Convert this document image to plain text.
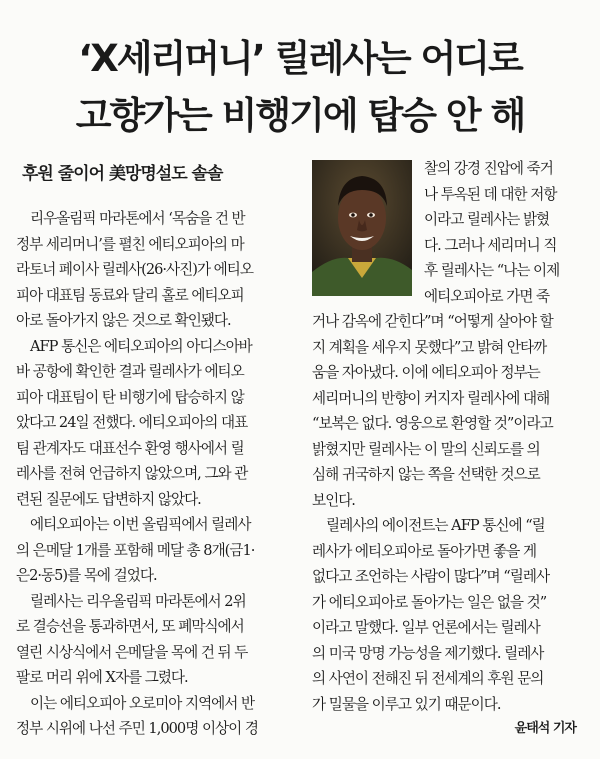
‘X세리머니’ 릴레사는 어디로
고향가는 비행기에 탑승 안 해
후원 줄이어 美망명설도 솔솔
리우올림픽 마라톤에서 ‘목숨을 건 반
정부 세리머니’를 펼친 에티오피아의 마
라토너 페이사 릴레사(26·사진)가 에티오
피아 대표팀 동료와 달리 홀로 에티오피
아로 돌아가지 않은 것으로 확인됐다.
AFP 통신은 에티오피아의 아디스아바
바 공항에 확인한 결과 릴레사가 에티오
피아 대표팀이 탄 비행기에 탑승하지 않
았다고 24일 전했다. 에티오피아의 대표
팀 관계자도 대표선수 환영 행사에서 릴
레사를 전혀 언급하지 않았으며, 그와 관
련된 질문에도 답변하지 않았다.
에티오피아는 이번 올림픽에서 릴레사
의 은메달 1개를 포함해 메달 총 8개(금1·
은2·동5)를 목에 걸었다.
릴레사는 리우올림픽 마라톤에서 2위
로 결승선을 통과하면서, 또 폐막식에서
열린 시상식에서 은메달을 목에 건 뒤 두
팔로 머리 위에 X자를 그렸다.
이는 에티오피아 오로미아 지역에서 반
정부 시위에 나선 주민 1,000명 이상이 경
찰의 강경 진압에 죽거
나 투옥된 데 대한 저항
이라고 릴레사는 밝혔
다. 그러나 세리머니 직
후 릴레사는 “나는 이제
에티오피아로 가면 죽
거나 감옥에 갇힌다”며 “어떻게 살아야 할
지 계획을 세우지 못했다”고 밝혀 안타까
움을 자아냈다. 이에 에티오피아 정부는
세리머니의 반향이 커지자 릴레사에 대해
“보복은 없다. 영웅으로 환영할 것”이라고
밝혔지만 릴레사는 이 말의 신뢰도를 의
심해 귀국하지 않는 쪽을 선택한 것으로
보인다.
릴레사의 에이전트는 AFP 통신에 “릴
레사가 에티오피아로 돌아가면 좋을 게
없다고 조언하는 사람이 많다”며 “릴레사
가 에티오피아로 돌아가는 일은 없을 것”
이라고 말했다. 일부 언론에서는 릴레사
의 미국 망명 가능성을 제기했다. 릴레사
의 사연이 전해진 뒤 전세계의 후원 문의
가 밀물을 이루고 있기 때문이다.
윤태석 기자
